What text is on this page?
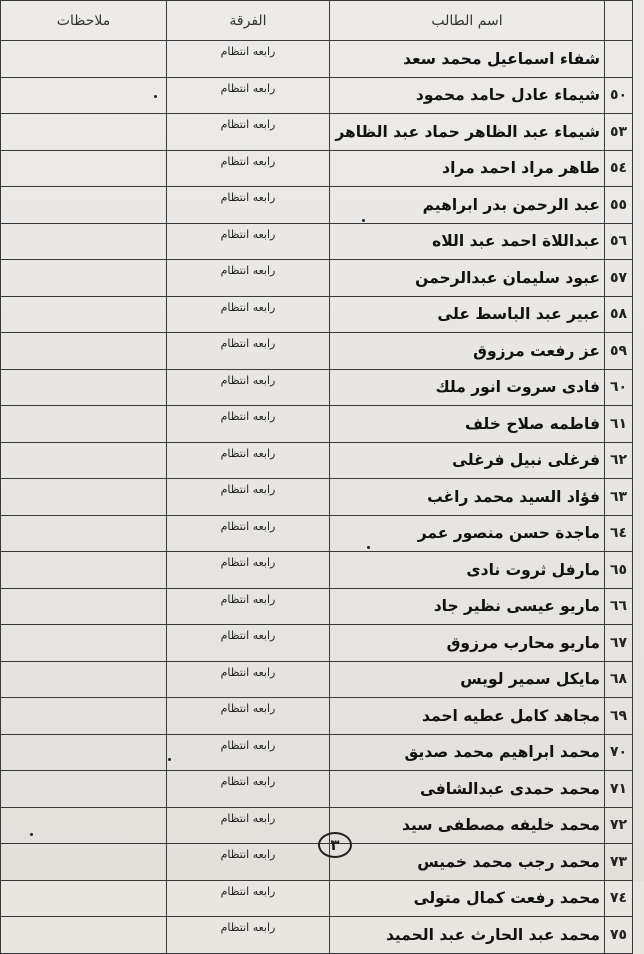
	اسم الطالب	الفرقة	ملاحظات
	شفاء اسماعيل محمد سعد	رابعه انتظام	
٥٠	شيماء عادل حامد محمود	رابعه انتظام	
٥٣	شيماء عبد الظاهر حماد عبد الظاهر	رابعه انتظام	
٥٤	طاهر مراد احمد مراد	رابعه انتظام	
٥٥	عبد الرحمن بدر ابراهيم	رابعه انتظام	
٥٦	عبداللاة احمد عبد اللاه	رابعه انتظام	
٥٧	عبود سليمان عبدالرحمن	رابعه انتظام	
٥٨	عبير عبد الباسط على	رابعه انتظام	
٥٩	عز رفعت مرزوق	رابعه انتظام	
٦٠	فادى سروت انور ملك	رابعه انتظام	
٦١	فاطمه صلاح خلف	رابعه انتظام	
٦٢	فرغلى نبيل فرغلى	رابعه انتظام	
٦٣	فؤاد السيد محمد راغب	رابعه انتظام	
٦٤	ماجدة حسن منصور عمر	رابعه انتظام	
٦٥	مارفل ثروت نادى	رابعه انتظام	
٦٦	ماريو عيسى نظير جاد	رابعه انتظام	
٦٧	ماريو محارب مرزوق	رابعه انتظام	
٦٨	مايكل سمير لويس	رابعه انتظام	
٦٩	مجاهد كامل عطيه احمد	رابعه انتظام	
٧٠	محمد ابراهيم محمد صديق	رابعه انتظام	
٧١	محمد حمدى عبدالشافى	رابعه انتظام	
٧٢	محمد خليفه مصطفى سيد	رابعه انتظام	
٧٣	محمد رجب محمد خميس	رابعه انتظام	
٧٤	محمد رفعت كمال متولى	رابعه انتظام	
٧٥	محمد عبد الحارث عبد الحميد	رابعه انتظام	
٣
